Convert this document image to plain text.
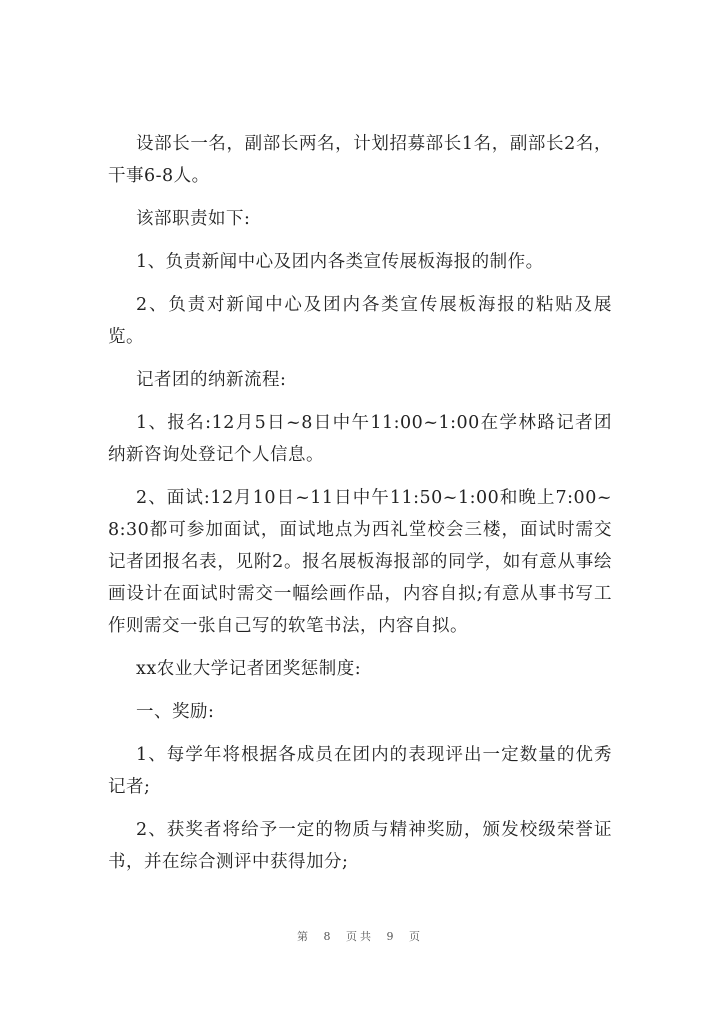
设部长一名，副部长两名，计划招募部长1名，副部长2名，干事6-8人。

该部职责如下:

1、负责新闻中心及团内各类宣传展板海报的制作。

2、负责对新闻中心及团内各类宣传展板海报的粘贴及展览。

记者团的纳新流程:

1、报名:12月5日~8日中午11:00~1:00在学林路记者团纳新咨询处登记个人信息。

2、面试:12月10日~11日中午11:50~1:00和晚上7:00~8:30都可参加面试，面试地点为西礼堂校会三楼，面试时需交记者团报名表，见附2。报名展板海报部的同学，如有意从事绘画设计在面试时需交一幅绘画作品，内容自拟;有意从事书写工作则需交一张自己写的软笔书法，内容自拟。

xx农业大学记者团奖惩制度:

一、奖励:

1、每学年将根据各成员在团内的表现评出一定数量的优秀记者;

2、获奖者将给予一定的物质与精神奖励，颁发校级荣誉证书，并在综合测评中获得加分;

第 8 页共 9 页
